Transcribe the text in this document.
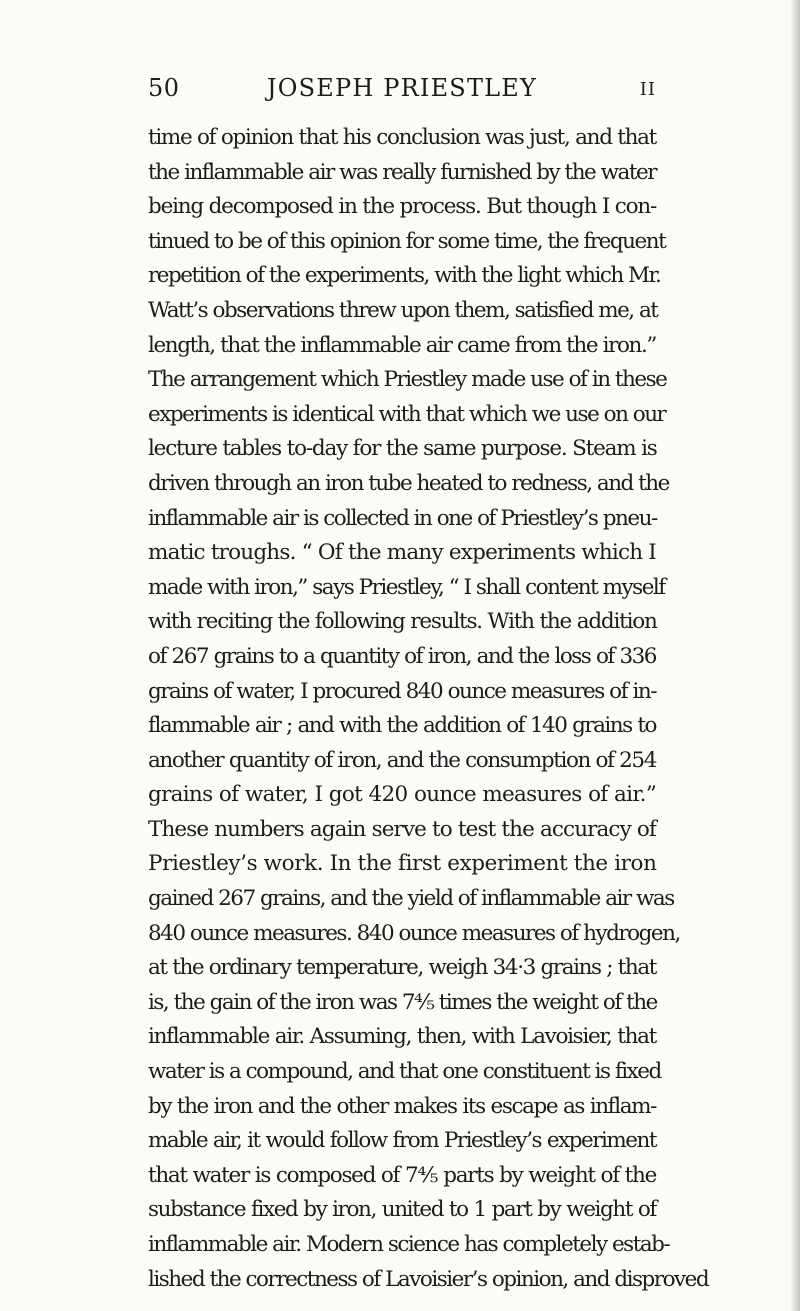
50	JOSEPH PRIESTLEY	II
time of opinion that his conclusion was just, and that
the inflammable air was really furnished by the water
being decomposed in the process. But though I con-
tinued to be of this opinion for some time, the frequent
repetition of the experiments, with the light which Mr.
Watt’s observations threw upon them, satisfied me, at
length, that the inflammable air came from the iron.”
The arrangement which Priestley made use of in these
experiments is identical with that which we use on our
lecture tables to-day for the same purpose. Steam is
driven through an iron tube heated to redness, and the
inflammable air is collected in one of Priestley’s pneu-
matic troughs. “ Of the many experiments which I
made with iron,” says Priestley, “ I shall content myself
with reciting the following results. With the addition
of 267 grains to a quantity of iron, and the loss of 336
grains of water, I procured 840 ounce measures of in-
flammable air ; and with the addition of 140 grains to
another quantity of iron, and the consumption of 254
grains of water, I got 420 ounce measures of air.”
These numbers again serve to test the accuracy of
Priestley’s work. In the first experiment the iron
gained 267 grains, and the yield of inflammable air was
840 ounce measures. 840 ounce measures of hydrogen,
at the ordinary temperature, weigh 34·3 grains ; that
is, the gain of the iron was 7⅘ times the weight of the
inflammable air. Assuming, then, with Lavoisier, that
water is a compound, and that one constituent is fixed
by the iron and the other makes its escape as inflam-
mable air, it would follow from Priestley’s experiment
that water is composed of 7⅘ parts by weight of the
substance fixed by iron, united to 1 part by weight of
inflammable air. Modern science has completely estab-
lished the correctness of Lavoisier’s opinion, and disproved
